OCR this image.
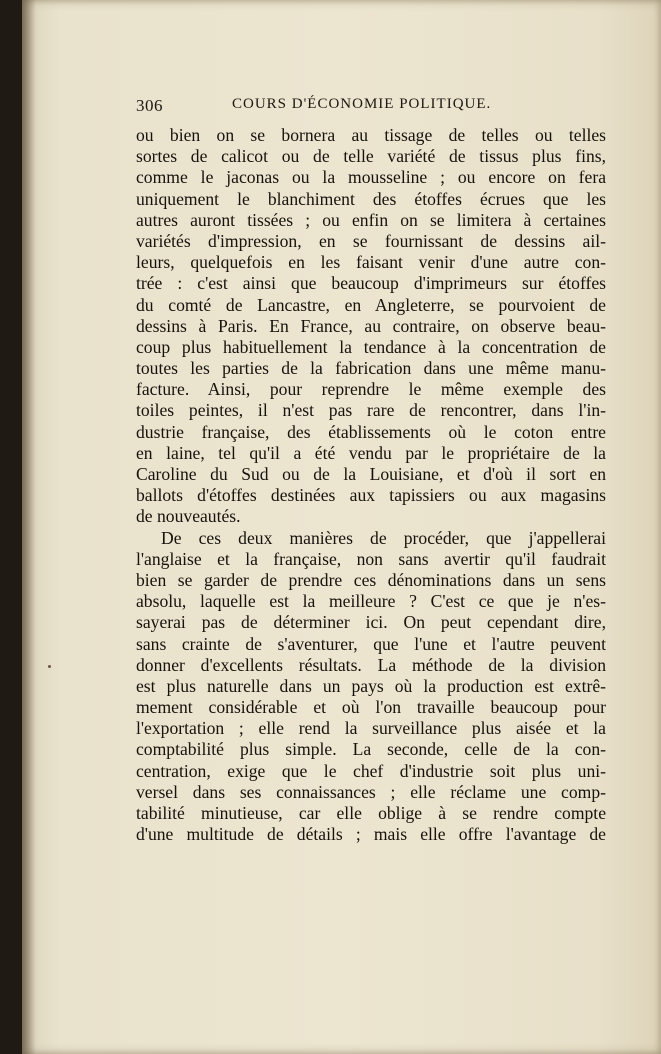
306	COURS D'ÉCONOMIE POLITIQUE.
ou bien on se bornera au tissage de telles ou telles
sortes de calicot ou de telle variété de tissus plus fins,
comme le jaconas ou la mousseline ; ou encore on fera
uniquement le blanchiment des étoffes écrues que les
autres auront tissées ; ou enfin on se limitera à certaines
variétés d'impression, en se fournissant de dessins ail-
leurs, quelquefois en les faisant venir d'une autre con-
trée : c'est ainsi que beaucoup d'imprimeurs sur étoffes
du comté de Lancastre, en Angleterre, se pourvoient de
dessins à Paris. En France, au contraire, on observe beau-
coup plus habituellement la tendance à la concentration de
toutes les parties de la fabrication dans une même manu-
facture. Ainsi, pour reprendre le même exemple des
toiles peintes, il n'est pas rare de rencontrer, dans l'in-
dustrie française, des établissements où le coton entre
en laine, tel qu'il a été vendu par le propriétaire de la
Caroline du Sud ou de la Louisiane, et d'où il sort en
ballots d'étoffes destinées aux tapissiers ou aux magasins
de nouveautés.
De ces deux manières de procéder, que j'appellerai
l'anglaise et la française, non sans avertir qu'il faudrait
bien se garder de prendre ces dénominations dans un sens
absolu, laquelle est la meilleure ? C'est ce que je n'es-
sayerai pas de déterminer ici. On peut cependant dire,
sans crainte de s'aventurer, que l'une et l'autre peuvent
donner d'excellents résultats. La méthode de la division
est plus naturelle dans un pays où la production est extrê-
mement considérable et où l'on travaille beaucoup pour
l'exportation ; elle rend la surveillance plus aisée et la
comptabilité plus simple. La seconde, celle de la con-
centration, exige que le chef d'industrie soit plus uni-
versel dans ses connaissances ; elle réclame une comp-
tabilité minutieuse, car elle oblige à se rendre compte
d'une multitude de détails ; mais elle offre l'avantage de
